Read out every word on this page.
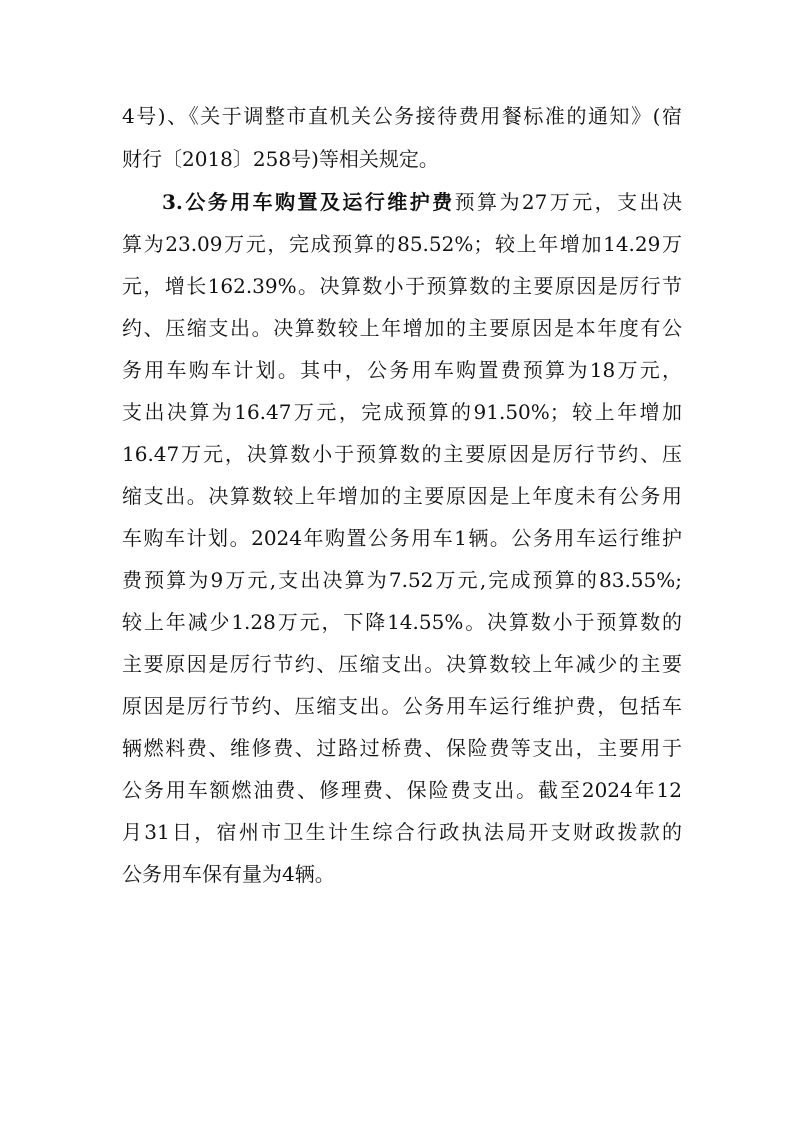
4号)、《关于调整市直机关公务接待费用餐标准的通知》(宿
财行〔2018〕258号)等相关规定。
3.公务用车购置及运行维护费预算为27万元，支出决
算为23.09万元，完成预算的85.52%；较上年增加14.29万
元，增长162.39%。决算数小于预算数的主要原因是厉行节
约、压缩支出。决算数较上年增加的主要原因是本年度有公
务用车购车计划。其中，公务用车购置费预算为18万元，
支出决算为16.47万元，完成预算的91.50%；较上年增加
16.47万元，决算数小于预算数的主要原因是厉行节约、压
缩支出。决算数较上年增加的主要原因是上年度未有公务用
车购车计划。2024年购置公务用车1辆。公务用车运行维护
费预算为9万元,支出决算为7.52万元,完成预算的83.55%;
较上年减少1.28万元，下降14.55%。决算数小于预算数的
主要原因是厉行节约、压缩支出。决算数较上年减少的主要
原因是厉行节约、压缩支出。公务用车运行维护费，包括车
辆燃料费、维修费、过路过桥费、保险费等支出，主要用于
公务用车额燃油费、修理费、保险费支出。截至2024年12
月31日，宿州市卫生计生综合行政执法局开支财政拨款的
公务用车保有量为4辆。
